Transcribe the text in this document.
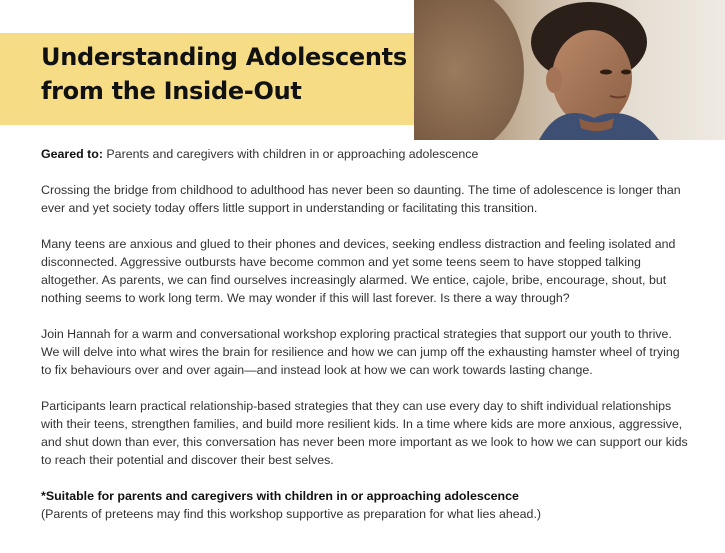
Understanding Adolescents
from the Inside-Out

Geared to: Parents and caregivers with children in or approaching adolescence

Crossing the bridge from childhood to adulthood has never been so daunting. The time of adolescence is longer than ever and yet society today offers little support in understanding or facilitating this transition.

Many teens are anxious and glued to their phones and devices, seeking endless distraction and feeling isolated and disconnected. Aggressive outbursts have become common and yet some teens seem to have stopped talking altogether. As parents, we can find ourselves increasingly alarmed. We entice, cajole, bribe, encourage, shout, but nothing seems to work long term. We may wonder if this will last forever. Is there a way through?

Join Hannah for a warm and conversational workshop exploring practical strategies that support our youth to thrive. We will delve into what wires the brain for resilience and how we can jump off the exhausting hamster wheel of trying to fix behaviours over and over again—and instead look at how we can work towards lasting change.

Participants learn practical relationship-based strategies that they can use every day to shift individual relationships with their teens, strengthen families, and build more resilient kids. In a time where kids are more anxious, aggressive, and shut down than ever, this conversation has never been more important as we look to how we can support our kids to reach their potential and discover their best selves.

*Suitable for parents and caregivers with children in or approaching adolescence

(Parents of preteens may find this workshop supportive as preparation for what lies ahead.)
